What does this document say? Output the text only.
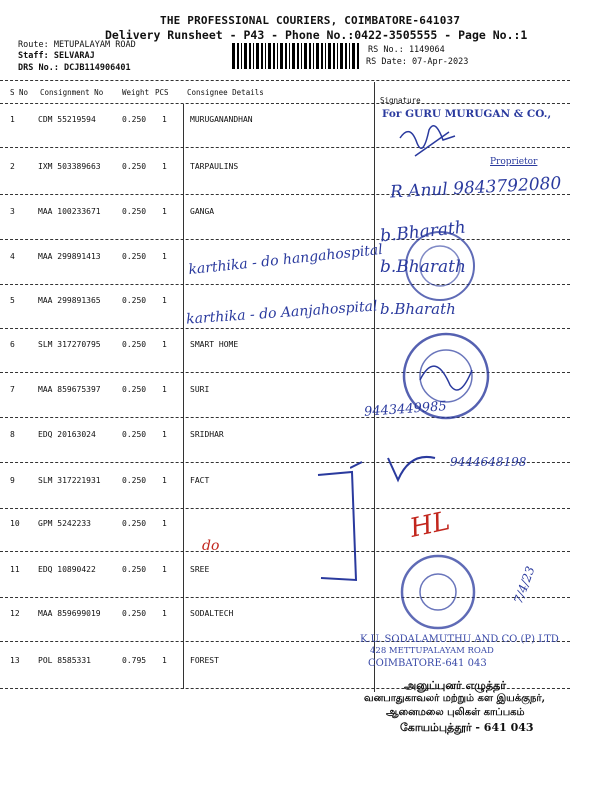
THE PROFESSIONAL COURIERS, COIMBATORE-641037
Delivery Runsheet - P43 - Phone No.:0422-3505555 - Page No.:1
Route: METUPALAYAM ROAD
Staff: SELVARAJ
DRS No.: DCJB114906401
RS No.: 1149064
RS Date: 07-Apr-2023
S No Consignment No	Weight PCS Consignee Details
Signature
1	CDM 55219594	0.250 1	MURUGANANDHAN
2	IXM 503389663	0.250 1	TARPAULINS
3	MAA 100233671	0.250 1	GANGA
4	MAA 299891413	0.250 1
5	MAA 299891365	0.250 1
6	SLM 317270795	0.250 1	SMART HOME
7	MAA 859675397	0.250 1	SURI
8	EDQ 20163024	0.250 1	SRIDHAR
9	SLM 317221931	0.250 1	FACT
10 GPM 5242233	0.250 1
11 EDQ 10890422	0.250 1	SREE
12 MAA 859699019	0.250 1	SODALTECH
13 POL 8585331	0.795 1	FOREST
For GURU MURUGAN & CO.,
Proprietor
R Anul 9843792080
b.Bharath
b.Bharath
b.Bharath
karthika - do hangahospital
karthika - do Aanjahospital
9443449985
9444648198
do
HL
7/4/23
K.U. SODALAMUTHU AND CO (P) LTD
428 METTUPALAYAM ROAD
COIMBATORE-641 043
அனுப்புனர் எழுத்தர்
வனபாதுகாவலர் மற்றும் கள இயக்குநர்,
ஆனைமலை புலிகள் காப்பகம்
கோயம்புத்தூர் - 641 043
